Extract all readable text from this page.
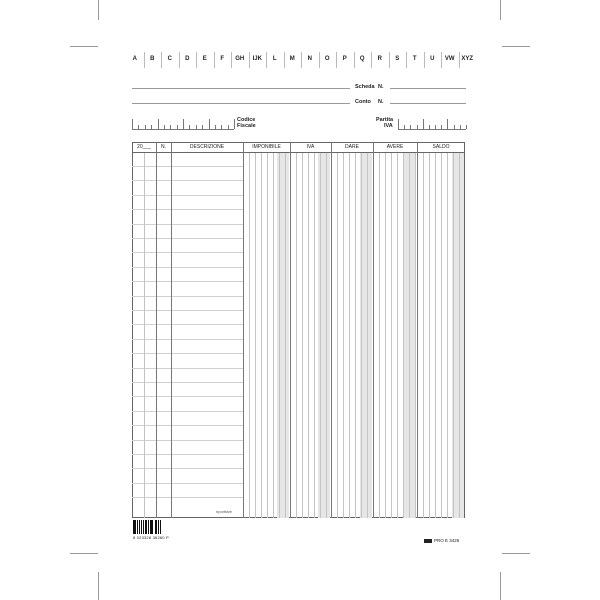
A B C D E F GH IJK L M N O P Q R S T U VW XYZ
Scheda N.
Conto N.
Codice
Fiscale
Partita
IVA
20___ N.	DESCRIZIONE	IMPONIBILE	IVA	DARE	AVERE	SALDO
riporttare
8 023328 36260 P
PRO E 3426
